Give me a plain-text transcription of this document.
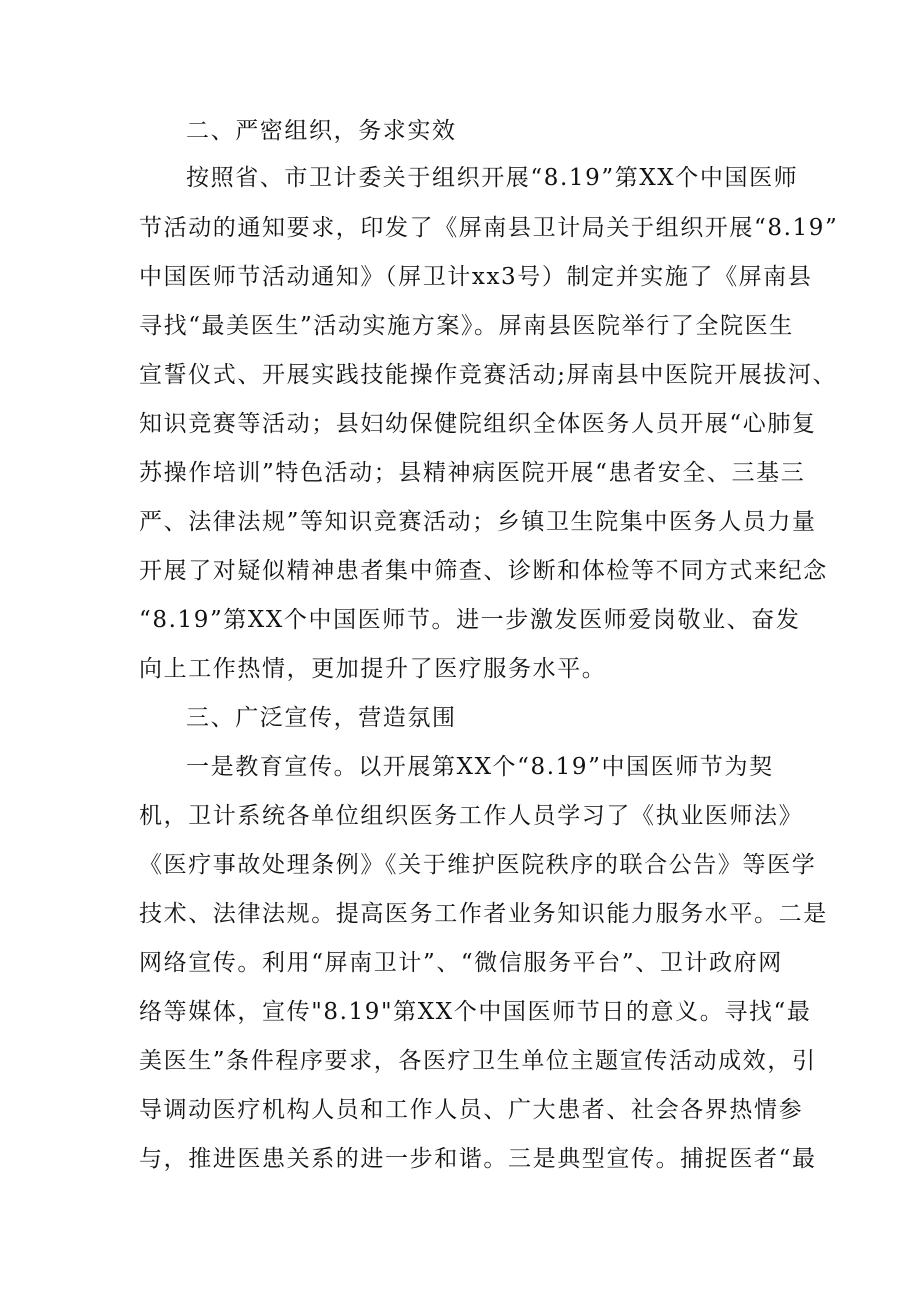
二、严密组织，务求实效
按照省、市卫计委关于组织开展“8.19”第XX个中国医师
节活动的通知要求，印发了《屏南县卫计局关于组织开展“8.19”
中国医师节活动通知》（屏卫计xx3号）制定并实施了《屏南县
寻找“最美医生”活动实施方案》。屏南县医院举行了全院医生
宣誓仪式、开展实践技能操作竞赛活动;屏南县中医院开展拔河、
知识竞赛等活动；县妇幼保健院组织全体医务人员开展“心肺复
苏操作培训”特色活动；县精神病医院开展“患者安全、三基三
严、法律法规”等知识竞赛活动；乡镇卫生院集中医务人员力量
开展了对疑似精神患者集中筛查、诊断和体检等不同方式来纪念
“8.19”第XX个中国医师节。进一步激发医师爱岗敬业、奋发
向上工作热情，更加提升了医疗服务水平。
三、广泛宣传，营造氛围
一是教育宣传。以开展第XX个“8.19”中国医师节为契
机，卫计系统各单位组织医务工作人员学习了《执业医师法》
《医疗事故处理条例》《关于维护医院秩序的联合公告》等医学
技术、法律法规。提高医务工作者业务知识能力服务水平。二是
网络宣传。利用“屏南卫计”、“微信服务平台”、卫计政府网
络等媒体，宣传"8.19"第XX个中国医师节日的意义。寻找“最
美医生”条件程序要求，各医疗卫生单位主题宣传活动成效，引
导调动医疗机构人员和工作人员、广大患者、社会各界热情参
与，推进医患关系的进一步和谐。三是典型宣传。捕捉医者“最
